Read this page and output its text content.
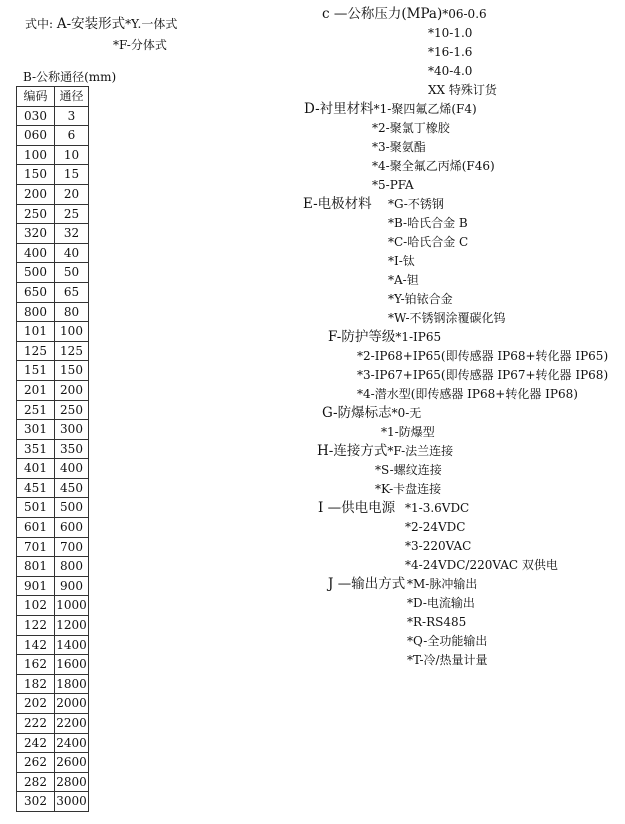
式中: A-安装形式*Y.一体式
*F-分体式
B-公称通径(mm)
编码	通径
030	3
060	6
100	10
150	15
200	20
250	25
320	32
400	40
500	50
650	65
800	80
101	100
125	125
151	150
201	200
251	250
301	300
351	350
401	400
451	450
501	500
601	600
701	700
801	800
901	900
102	1000
122	1200
142	1400
162	1600
182	1800
202	2000
222	2200
242	2400
262	2600
282	2800
302	3000
c —公称压力(MPa)*06-0.6
*10-1.0
*16-1.6
*40-4.0
XX 特殊订货
D-衬里材料*1-聚四氟乙烯(F4)
*2-聚氯丁橡胶
*3-聚氨酯
*4-聚全氟乙丙烯(F46)
*5-PFA
E-电极材料 *G-不锈钢
*B-哈氏合金 B
*C-哈氏合金 C
*I-钛
*A-钽
*Y-铂铱合金
*W-不锈钢涂覆碳化钨
F-防护等级*1-IP65
*2-IP68+IP65(即传感器 IP68+转化器 IP65)
*3-IP67+IP65(即传感器 IP67+转化器 IP68)
*4-潜水型(即传感器 IP68+转化器 IP68)
G-防爆标志*0-无
*1-防爆型
H-连接方式*F-法兰连接
*S-螺纹连接
*K-卡盘连接
I —供电电源 *1-3.6VDC
*2-24VDC
*3-220VAC
*4-24VDC/220VAC 双供电
J —输出方式 *M-脉冲输出
*D-电流输出
*R-RS485
*Q-全功能输出
*T-冷/热量计量
